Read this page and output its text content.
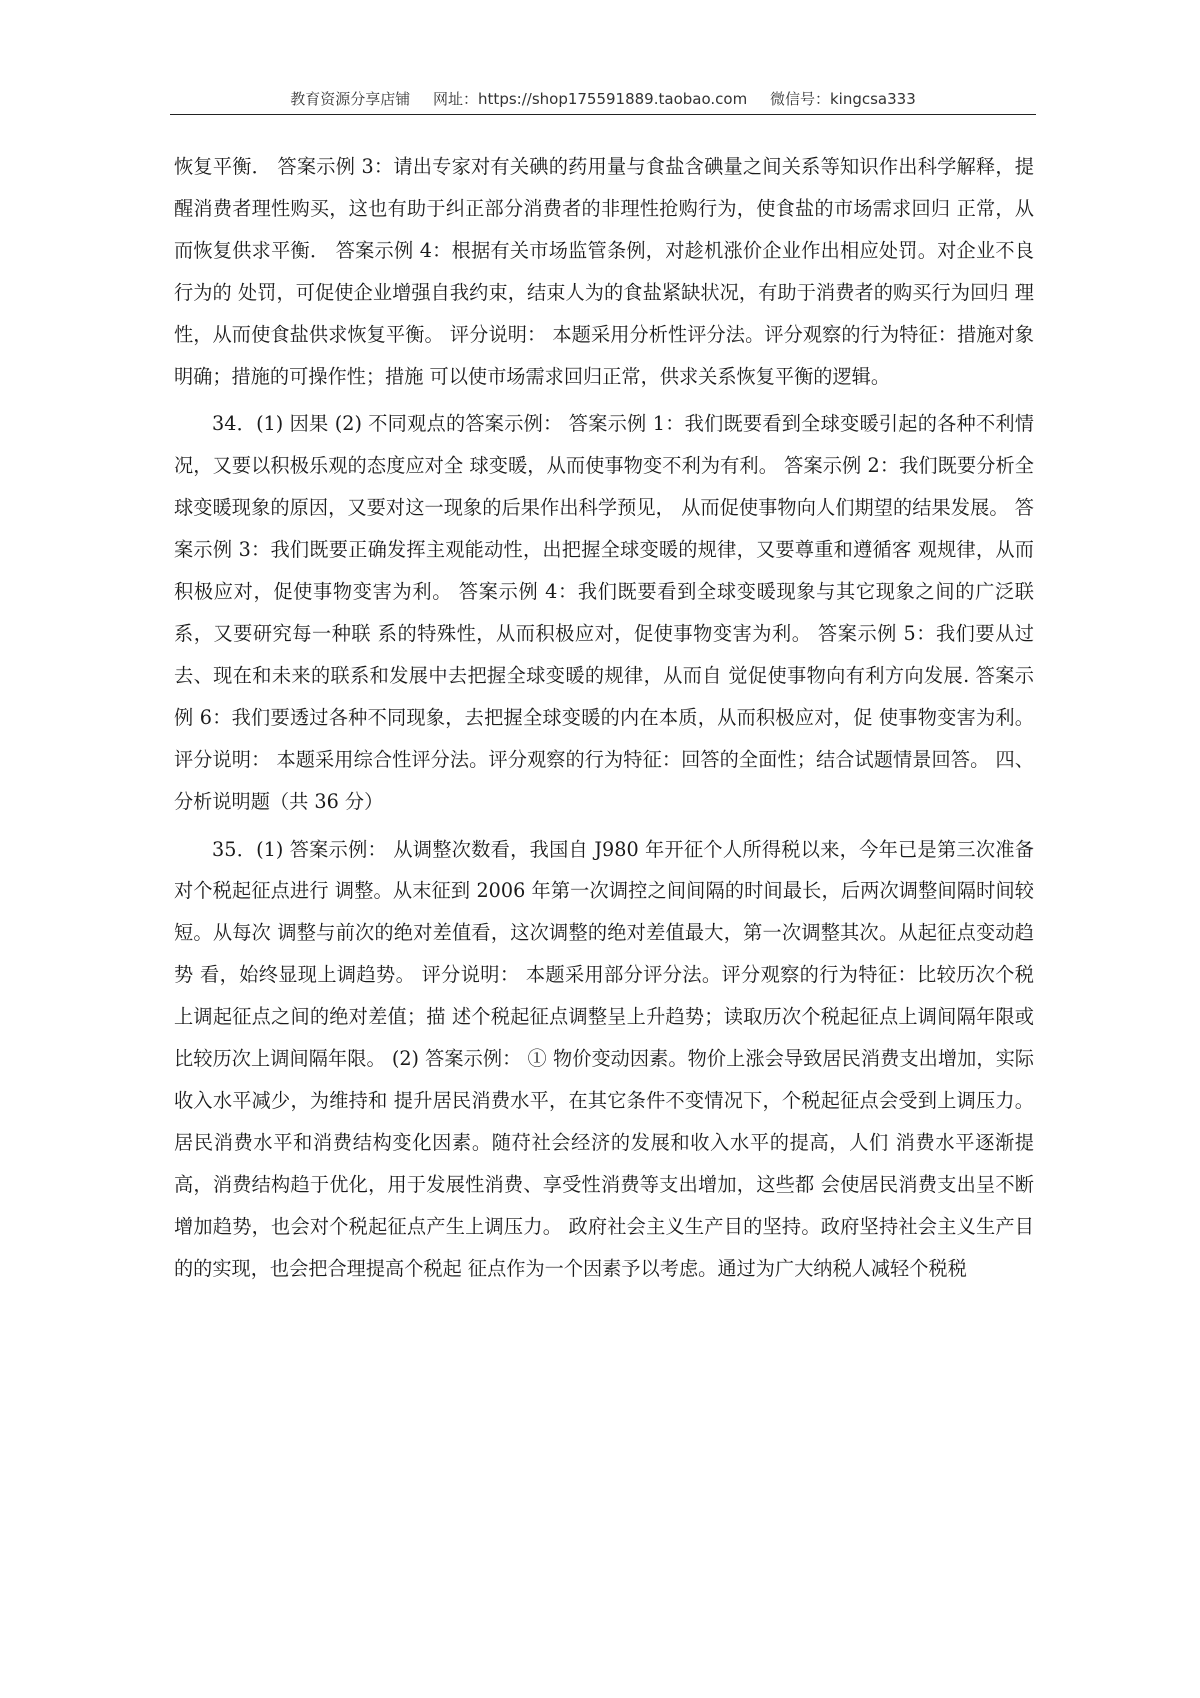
教育资源分享店铺 网址：https://shop175591889.taobao.com 微信号：kingcsa333

恢复平衡． 答案示例 3：请出专家对有关碘的药用量与食盐含碘量之间关系等知识作出科学解释，提 醒消费者理性购买，这也有助于纠正部分消费者的非理性抢购行为，使食盐的市场需求回归 正常，从而恢复供求平衡． 答案示例 4：根据有关市场监管条例，对趁机涨价企业作出相应处罚。对企业不良行为的 处罚，可促使企业增强自我约束，结束人为的食盐紧缺状况，有助于消费者的购买行为回归 理性，从而使食盐供求恢复平衡。 评分说明： 本题采用分析性评分法。评分观察的行为特征：措施对象明确；措施的可操作性；措施 可以使市场需求回归正常，供求关系恢复平衡的逻辑。

34．(1) 因果 (2) 不同观点的答案示例： 答案示例 1：我们既要看到全球变暖引起的各种不利情况，又要以积极乐观的态度应对全 球变暖，从而使事物变不利为有利。 答案示例 2：我们既要分析全球变暖现象的原因，又要对这一现象的后果作出科学预见， 从而促使事物向人们期望的结果发展。 答案示例 3：我们既要正确发挥主观能动性，出把握全球变暖的规律，又要尊重和遵循客 观规律，从而积极应对，促使事物变害为利。 答案示例 4：我们既要看到全球变暖现象与其它现象之间的广泛联系，又要研究每一种联 系的特殊性，从而积极应对，促使事物变害为利。 答案示例 5：我们要从过去、现在和未来的联系和发展中去把握全球变暖的规律，从而自 觉促使事物向有利方向发展. 答案示例 6：我们要透过各种不同现象，去把握全球变暖的内在本质，从而积极应对，促 使事物变害为利。 评分说明： 本题采用综合性评分法。评分观察的行为特征：回答的全面性；结合试题情景回答。 四、分析说明题（共 36 分）

35．(1) 答案示例： 从调整次数看，我国自 J980 年开征个人所得税以来，今年已是第三次准备对个税起征点进行 调整。从末征到 2006 年第一次调控之间间隔的时间最长，后两次调整间隔时间较短。从每次 调整与前次的绝对差值看，这次调整的绝对差值最大，第一次调整其次。从起征点变动趋势 看，始终显现上调趋势。 评分说明： 本题采用部分评分法。评分观察的行为特征：比较历次个税上调起征点之间的绝对差值；描 述个税起征点调整呈上升趋势；读取历次个税起征点上调间隔年限或比较历次上调间隔年限。 (2) 答案示例： ① 物价变动因素。物价上涨会导致居民消费支出增加，实际收入水平减少，为维持和 提升居民消费水平，在其它条件不变情况下，个税起征点会受到上调压力。 居民消费水平和消费结构变化因素。随苻社会经济的发展和收入水平的提高，人们 消费水平逐渐提高，消费结构趋于优化，用于发展性消费、享受性消费等支出增加，这些都 会使居民消费支出呈不断增加趋势，也会对个税起征点产生上调压力。 政府社会主义生产目的坚持。政府坚持社会主义生产目的的实现，也会把合理提高个税起 征点作为一个因素予以考虑。通过为广大纳税人减轻个税税
